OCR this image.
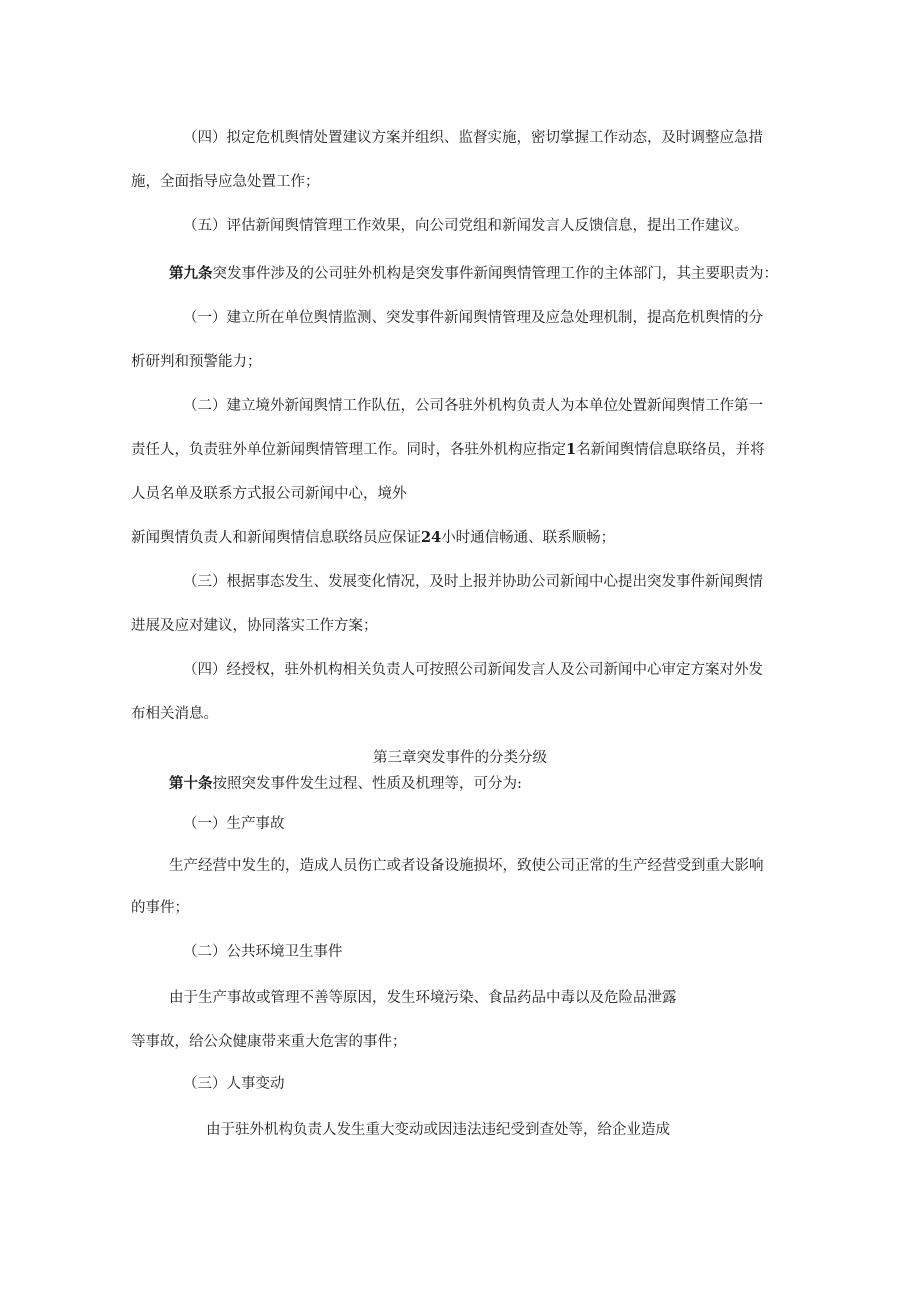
（四）拟定危机舆情处置建议方案并组织、监督实施，密切掌握工作动态，及时调整应急措

施，全面指导应急处置工作；

（五）评估新闻舆情管理工作效果，向公司党组和新闻发言人反馈信息，提出工作建议。

第九条突发事件涉及的公司驻外机构是突发事件新闻舆情管理工作的主体部门，其主要职责为：

（一）建立所在单位舆情监测、突发事件新闻舆情管理及应急处理机制，提高危机舆情的分

析研判和预警能力；

（二）建立境外新闻舆情工作队伍，公司各驻外机构负责人为本单位处置新闻舆情工作第一

责任人，负责驻外单位新闻舆情管理工作。同时，各驻外机构应指定1名新闻舆情信息联络员，并将

人员名单及联系方式报公司新闻中心，境外

新闻舆情负责人和新闻舆情信息联络员应保证24小时通信畅通、联系顺畅；

（三）根据事态发生、发展变化情况，及时上报并协助公司新闻中心提出突发事件新闻舆情

进展及应对建议，协同落实工作方案；

（四）经授权，驻外机构相关负责人可按照公司新闻发言人及公司新闻中心审定方案对外发

布相关消息。

第三章突发事件的分类分级

第十条按照突发事件发生过程、性质及机理等，可分为:

（一）生产事故

生产经营中发生的，造成人员伤亡或者设备设施损坏，致使公司正常的生产经营受到重大影响

的事件；

（二）公共环境卫生事件

由于生产事故或管理不善等原因，发生环境污染、食品药品中毒以及危险品泄露

等事故，给公众健康带来重大危害的事件；

（三）人事变动

由于驻外机构负责人发生重大变动或因违法违纪受到查处等，给企业造成
